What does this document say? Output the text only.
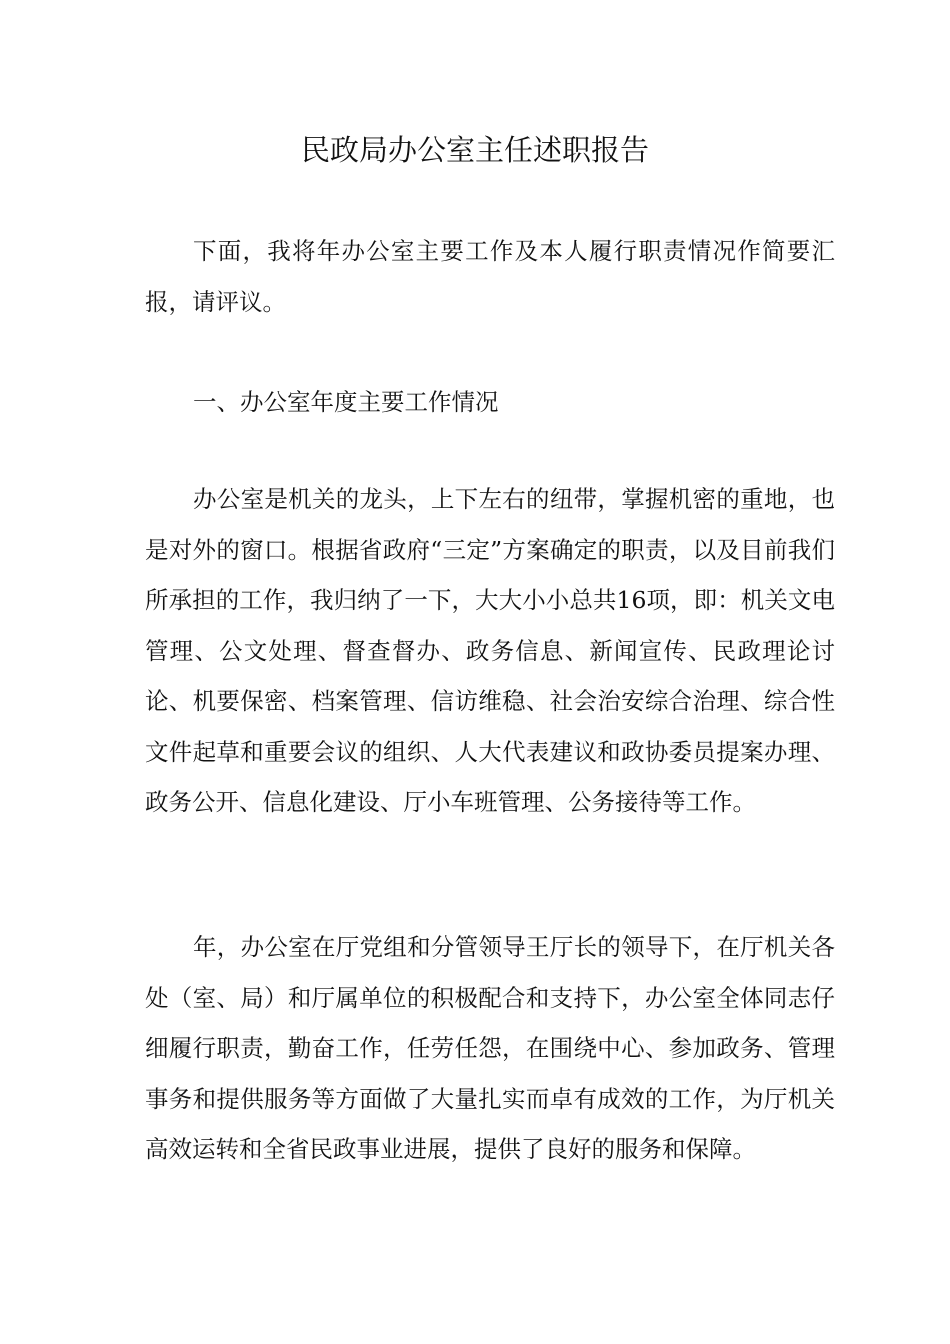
民政局办公室主任述职报告

下面，我将年办公室主要工作及本人履行职责情况作简要汇报，请评议。

一、办公室年度主要工作情况

办公室是机关的龙头，上下左右的纽带，掌握机密的重地，也是对外的窗口。根据省政府“三定”方案确定的职责，以及目前我们所承担的工作，我归纳了一下，大大小小总共16项，即：机关文电管理、公文处理、督查督办、政务信息、新闻宣传、民政理论讨论、机要保密、档案管理、信访维稳、社会治安综合治理、综合性文件起草和重要会议的组织、人大代表建议和政协委员提案办理、政务公开、信息化建设、厅小车班管理、公务接待等工作。

年，办公室在厅党组和分管领导王厅长的领导下，在厅机关各处（室、局）和厅属单位的积极配合和支持下，办公室全体同志仔细履行职责，勤奋工作，任劳任怨，在围绕中心、参加政务、管理事务和提供服务等方面做了大量扎实而卓有成效的工作，为厅机关高效运转和全省民政事业进展，提供了良好的服务和保障。
